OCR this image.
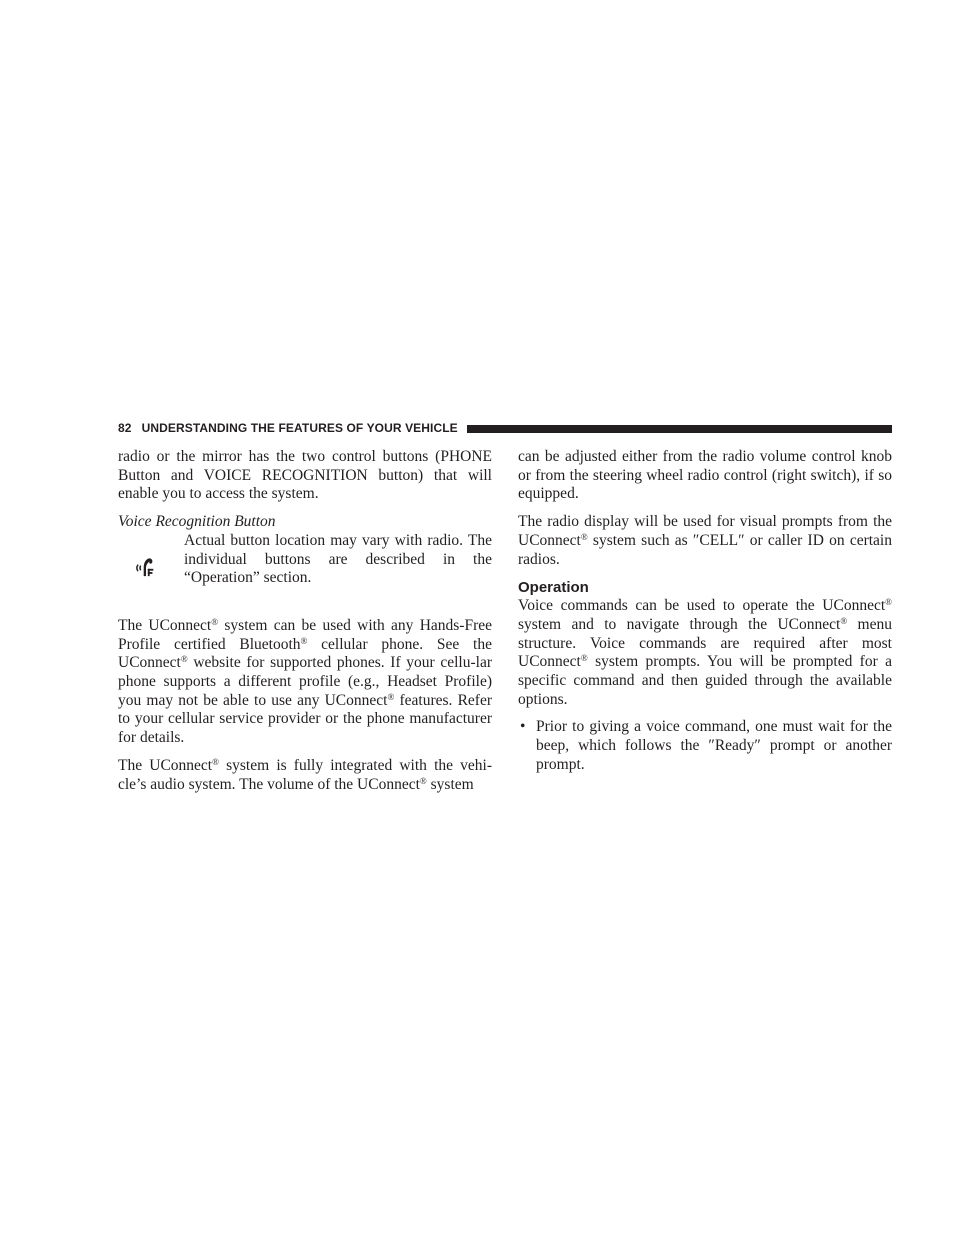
82 UNDERSTANDING THE FEATURES OF YOUR VEHICLE

radio or the mirror has the two control buttons (PHONE Button and VOICE RECOGNITION button) that will enable you to access the system.

Voice Recognition Button
Actual button location may vary with radio. The individual buttons are described in the “Operation” section.

The UConnect® system can be used with any Hands-Free Profile certified Bluetooth® cellular phone. See the UConnect® website for supported phones. If your cellu-lar phone supports a different profile (e.g., Headset Profile) you may not be able to use any UConnect® features. Refer to your cellular service provider or the phone manufacturer for details.

The UConnect® system is fully integrated with the vehi-cle’s audio system. The volume of the UConnect® system

can be adjusted either from the radio volume control knob or from the steering wheel radio control (right switch), if so equipped.

The radio display will be used for visual prompts from the UConnect® system such as ″CELL″ or caller ID on certain radios.

Operation

Voice commands can be used to operate the UConnect® system and to navigate through the UConnect® menu structure. Voice commands are required after most UConnect® system prompts. You will be prompted for a specific command and then guided through the available options.

• Prior to giving a voice command, one must wait for the beep, which follows the ″Ready″ prompt or another prompt.
